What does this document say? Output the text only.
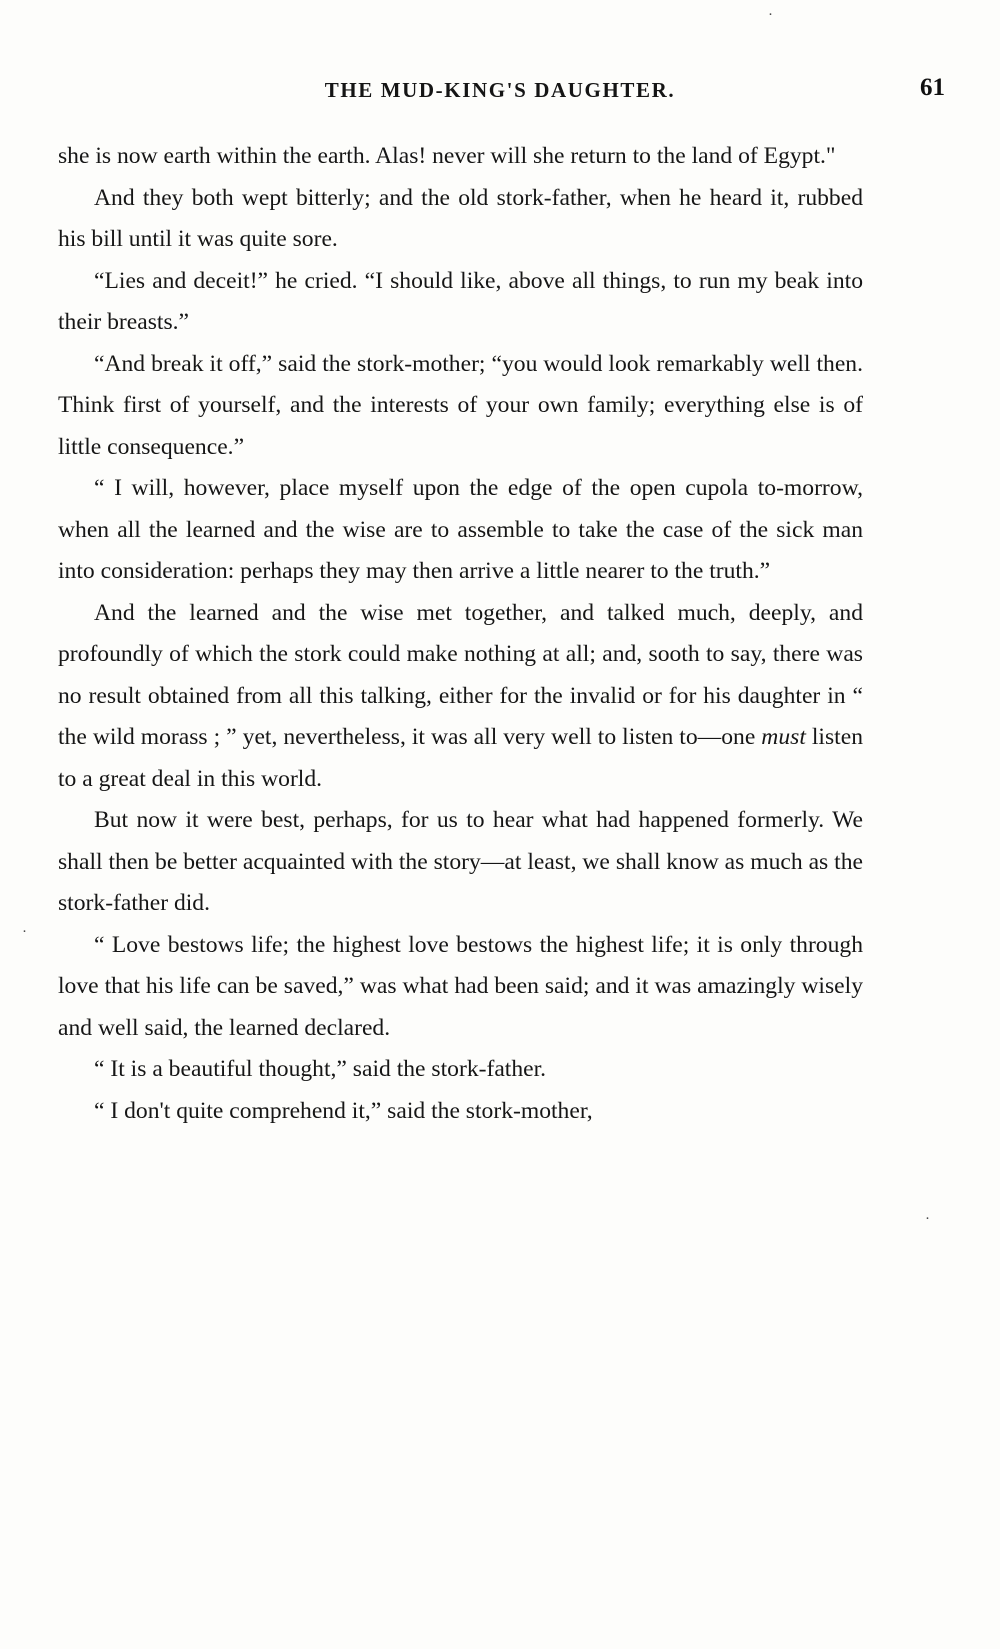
·
·
·
THE MUD-KING'S DAUGHTER.	61

she is now earth within the earth. Alas! never will she return to the land of Egypt."

And they both wept bitterly; and the old stork-father, when he heard it, rubbed his bill until it was quite sore.

“Lies and deceit!” he cried. “I should like, above all things, to run my beak into their breasts.”

“And break it off,” said the stork-mother; “you would look remarkably well then. Think first of yourself, and the interests of your own family; everything else is of little consequence.”

“ I will, however, place myself upon the edge of the open cupola to-morrow, when all the learned and the wise are to assemble to take the case of the sick man into consideration: perhaps they may then arrive a little nearer to the truth.”

And the learned and the wise met together, and talked much, deeply, and profoundly of which the stork could make nothing at all; and, sooth to say, there was no result obtained from all this talking, either for the invalid or for his daughter in “ the wild morass ; ” yet, nevertheless, it was all very well to listen to—one must listen to a great deal in this world.

But now it were best, perhaps, for us to hear what had happened formerly. We shall then be better acquainted with the story—at least, we shall know as much as the stork-father did.

“ Love bestows life; the highest love bestows the highest life; it is only through love that his life can be saved,” was what had been said; and it was amazingly wisely and well said, the learned declared.

“ It is a beautiful thought,” said the stork-father.

“ I don't quite comprehend it,” said the stork-mother,
